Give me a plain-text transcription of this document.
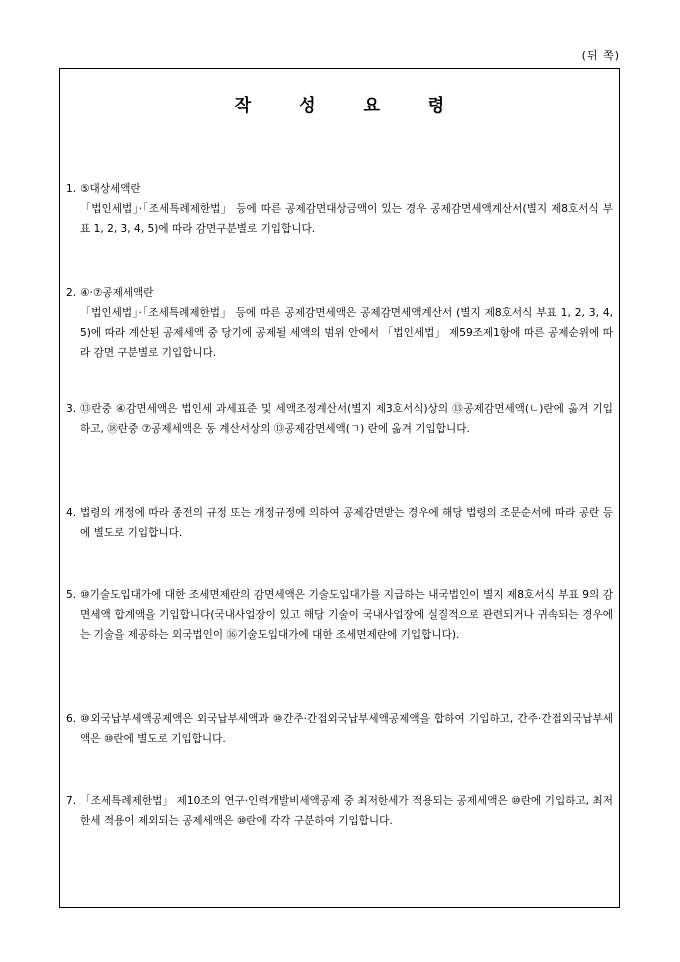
(뒤 쪽)
작 성 요 령
1. ⑤대상세액란
「법인세법」·「조세특례제한법」 등에 따른 공제감면대상금액이 있는 경우 공제감면세액계산서(별지 제8호서식 부표 1, 2, 3, 4, 5)에 따라 감면구분별로 기입합니다.
2. ④·⑦공제세액란
「법인세법」·「조세특례제한법」 등에 따른 공제감면세액은 공제감면세액계산서 (별지 제8호서식 부표 1, 2, 3, 4, 5)에 따라 계산된 공제세액 중 당기에 공제될 세액의 범위 안에서 「법인세법」 제59조제1항에 따른 공제순위에 따라 감면 구분별로 기입합니다.
3. ⑬란중 ④감면세액은 법인세 과세표준 및 세액조정계산서(별지 제3호서식)상의 ⑬공제감면세액(ㄴ)란에 옮겨 기입하고, ⑱란중 ⑦공제세액은 동 계산서상의 ⑬공제감면세액(ㄱ) 란에 옮겨 기입합니다.
4. 법령의 개정에 따라 종전의 규정 또는 개정규정에 의하여 공제감면받는 경우에 해당 법령의 조문순서에 따라 공란 등에 별도로 기입합니다.
5. ⑩기술도입대가에 대한 조세면제란의 감면세액은 기술도입대가를 지급하는 내국법인이 별지 제8호서식 부표 9의 감면세액 합계액을 기입합니다(국내사업장이 있고 해당 기술이 국내사업장에 실질적으로 관련되거나 귀속되는 경우에는 기술을 제공하는 외국법인이 ⑯기술도입대가에 대한 조세면제란에 기입합니다).
6. ⑩외국납부세액공제액은 외국납부세액과 ⑩간주·간접외국납부세액공제액을 합하여 기입하고, 간주·간접외국납부세액은 ⑩란에 별도로 기입합니다.
7. 「조세특례제한법」 제10조의 연구·인력개발비세액공제 중 최저한세가 적용되는 공제세액은 ⑩란에 기입하고, 최저한세 적용이 제외되는 공제세액은 ⑩란에 각각 구분하여 기입합니다.
